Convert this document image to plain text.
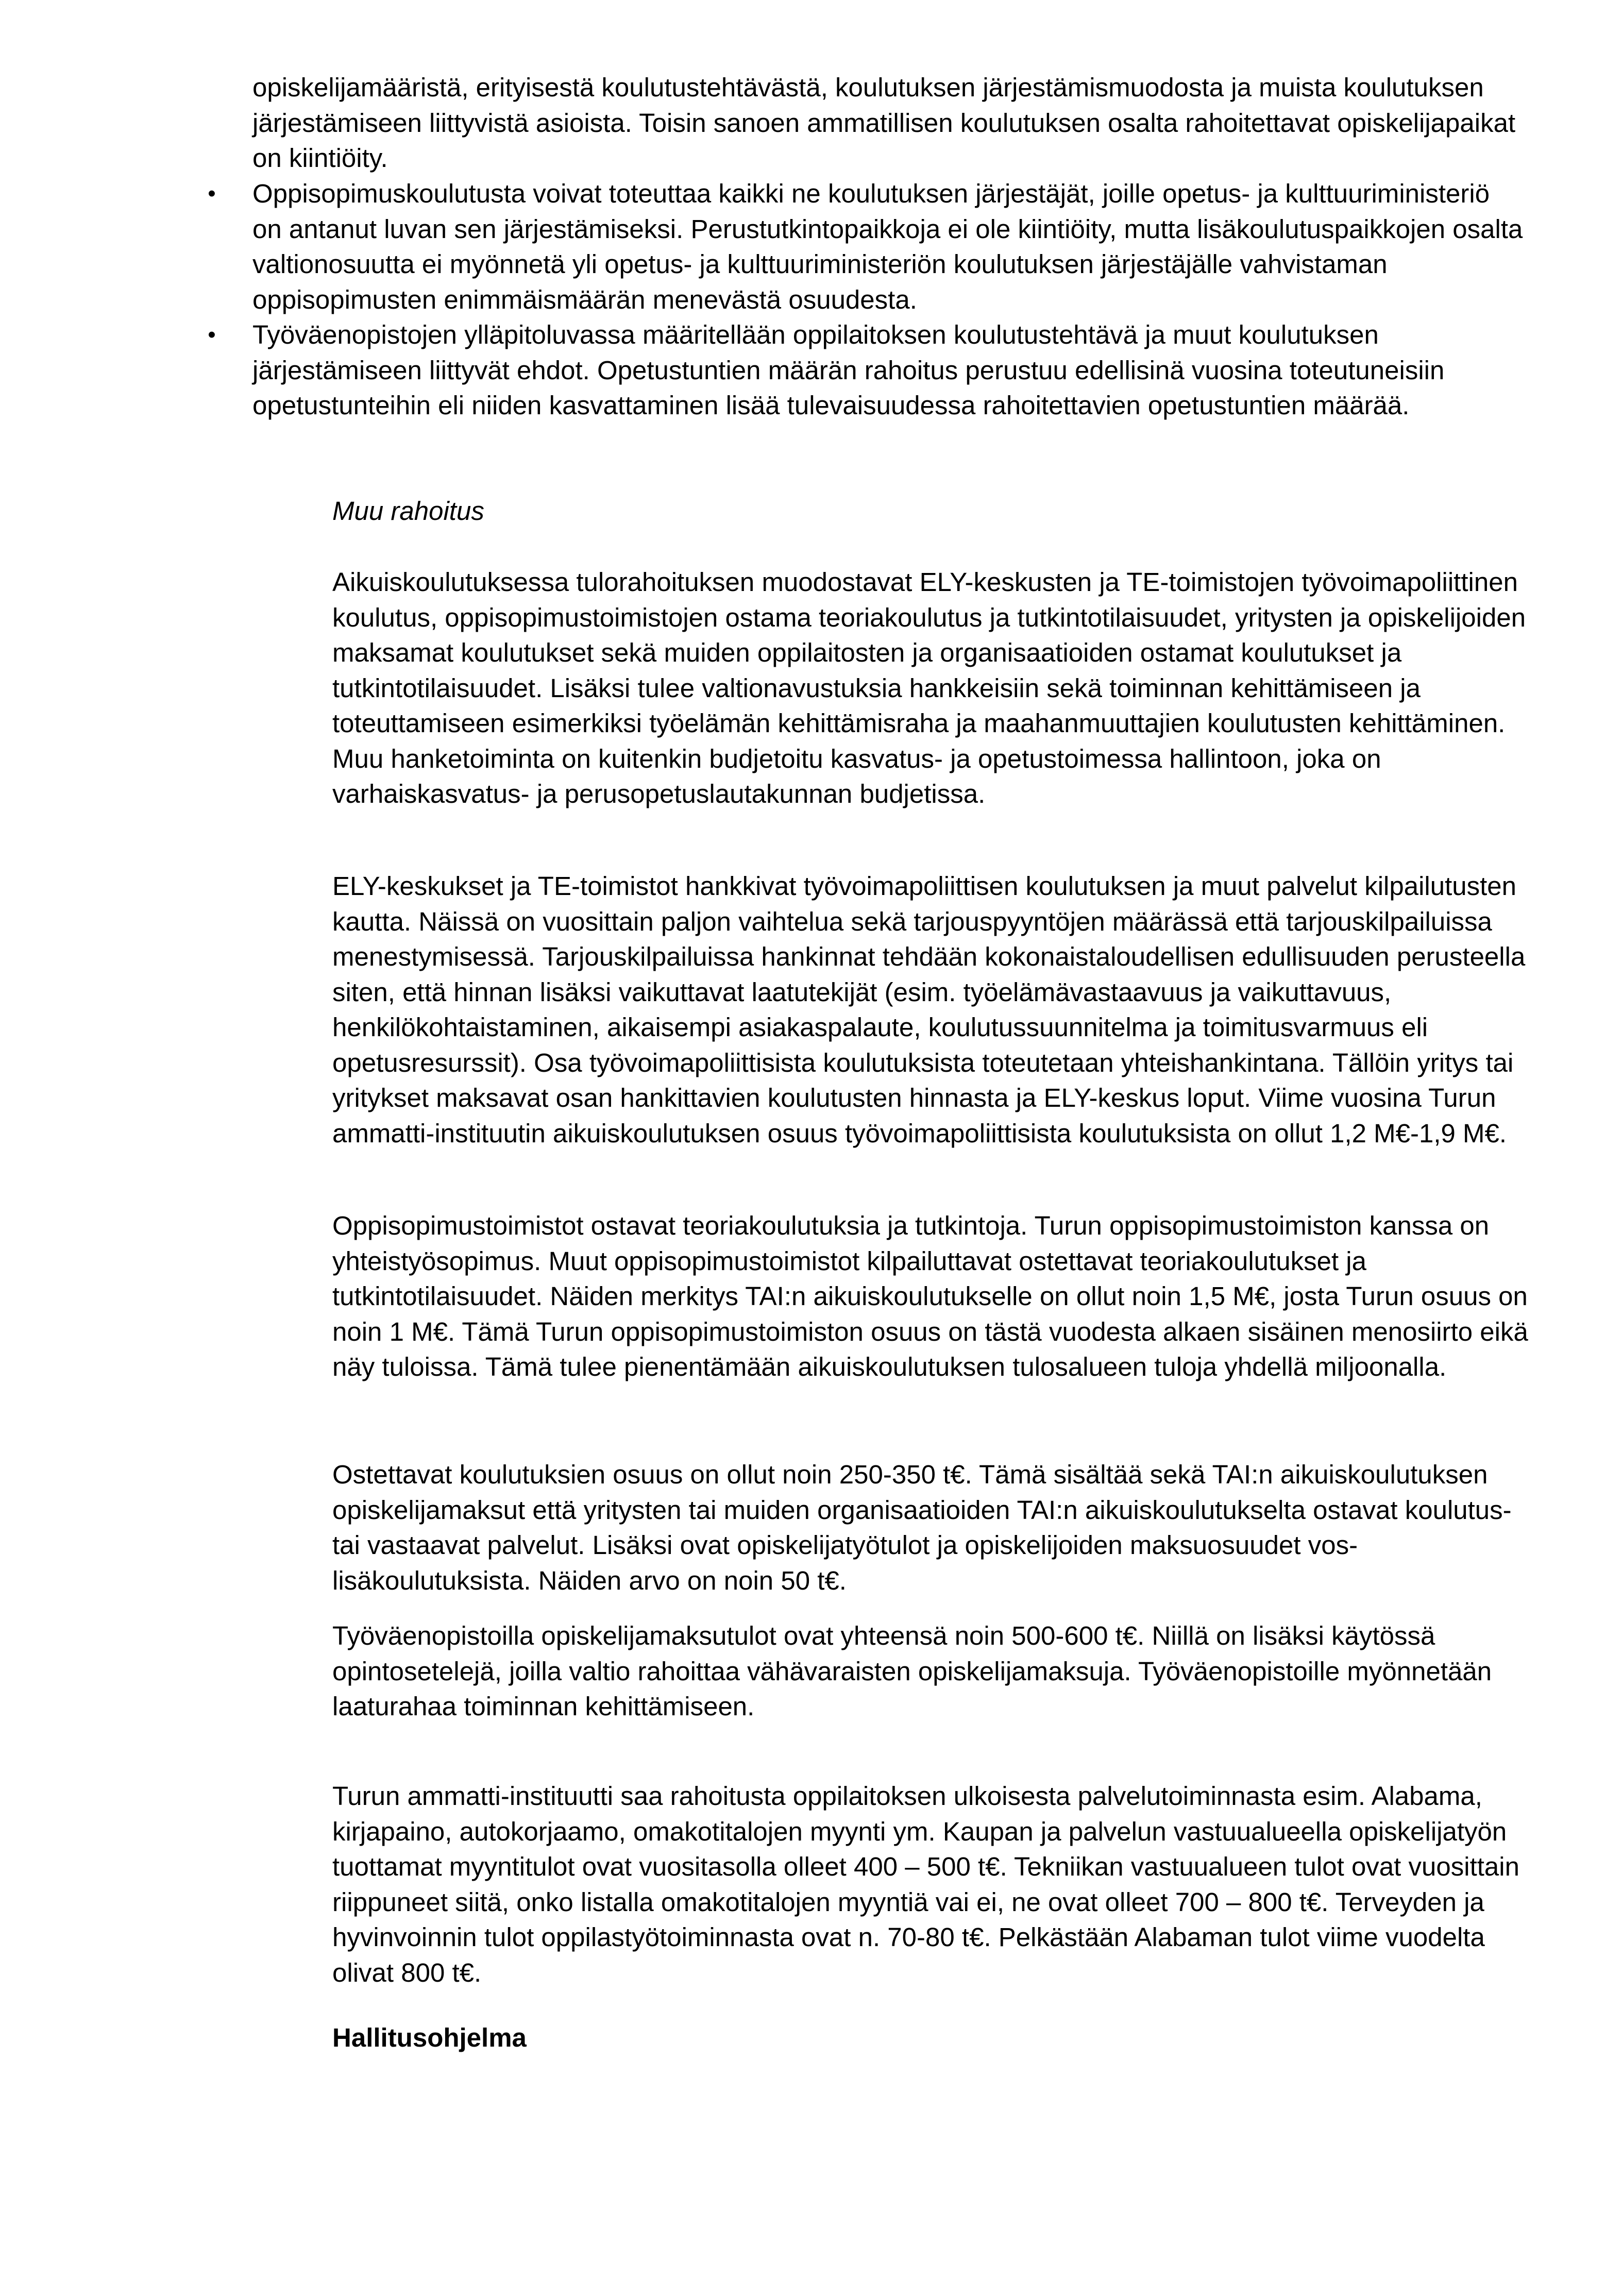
opiskelijamääristä, erityisestä koulutustehtävästä, koulutuksen järjestämismuodosta ja muista koulutuksen järjestämiseen liittyvistä asioista. Toisin sanoen ammatillisen koulutuksen osalta rahoitettavat opiskelijapaikat on kiintiöity.

• Oppisopimuskoulutusta voivat toteuttaa kaikki ne koulutuksen järjestäjät, joille opetus- ja kulttuuriministeriö on antanut luvan sen järjestämiseksi. Perustutkintopaikkoja ei ole kiintiöity, mutta lisäkoulutuspaikkojen osalta valtionosuutta ei myönnetä yli opetus- ja kulttuuriministeriön koulutuksen järjestäjälle vahvistaman oppisopimusten enimmäismäärän menevästä osuudesta.
• Työväenopistojen ylläpitoluvassa määritellään oppilaitoksen koulutustehtävä ja muut koulutuksen järjestämiseen liittyvät ehdot. Opetustuntien määrän rahoitus perustuu edellisinä vuosina toteutuneisiin opetustunteihin eli niiden kasvattaminen lisää tulevaisuudessa rahoitettavien opetustuntien määrää.

Muu rahoitus

Aikuiskoulutuksessa tulorahoituksen muodostavat ELY-keskusten ja TE-toimistojen työvoimapoliittinen koulutus, oppisopimustoimistojen ostama teoriakoulutus ja tutkintotilaisuudet, yritysten ja opiskelijoiden maksamat koulutukset sekä muiden oppilaitosten ja organisaatioiden ostamat koulutukset ja tutkintotilaisuudet. Lisäksi tulee valtionavustuksia hankkeisiin sekä toiminnan kehittämiseen ja toteuttamiseen esimerkiksi työelämän kehittämisraha ja maahanmuuttajien koulutusten kehittäminen. Muu hanketoiminta on kuitenkin budjetoitu kasvatus- ja opetustoimessa hallintoon, joka on varhaiskasvatus- ja perusopetuslautakunnan budjetissa.

ELY-keskukset ja TE-toimistot hankkivat työvoimapoliittisen koulutuksen ja muut palvelut kilpailutusten kautta. Näissä on vuosittain paljon vaihtelua sekä tarjouspyyntöjen määrässä että tarjouskilpailuissa menestymisessä. Tarjouskilpailuissa hankinnat tehdään kokonaistaloudellisen edullisuuden perusteella siten, että hinnan lisäksi vaikuttavat laatutekijät (esim. työelämävastaavuus ja vaikuttavuus, henkilökohtaistaminen, aikaisempi asiakaspalaute, koulutussuunnitelma ja toimitusvarmuus eli opetusresurssit). Osa työvoimapoliittisista koulutuksista toteutetaan yhteishankintana. Tällöin yritys tai yritykset maksavat osan hankittavien koulutusten hinnasta ja ELY-keskus loput. Viime vuosina Turun ammatti-instituutin aikuiskoulutuksen osuus työvoimapoliittisista koulutuksista on ollut 1,2 M€-1,9 M€.

Oppisopimustoimistot ostavat teoriakoulutuksia ja tutkintoja. Turun oppisopimustoimiston kanssa on yhteistyösopimus. Muut oppisopimustoimistot kilpailuttavat ostettavat teoriakoulutukset ja tutkintotilaisuudet. Näiden merkitys TAI:n aikuiskoulutukselle on ollut noin 1,5 M€, josta Turun osuus on noin 1 M€. Tämä Turun oppisopimustoimiston osuus on tästä vuodesta alkaen sisäinen menosiirto eikä näy tuloissa. Tämä tulee pienentämään aikuiskoulutuksen tulosalueen tuloja yhdellä miljoonalla.

Ostettavat koulutuksien osuus on ollut noin 250-350 t€. Tämä sisältää sekä TAI:n aikuiskoulutuksen opiskelijamaksut että yritysten tai muiden organisaatioiden TAI:n aikuiskoulutukselta ostavat koulutus- tai vastaavat palvelut. Lisäksi ovat opiskelijatyötulot ja opiskelijoiden maksuosuudet vos-lisäkoulutuksista. Näiden arvo on noin 50 t€.

Työväenopistoilla opiskelijamaksutulot ovat yhteensä noin 500-600 t€. Niillä on lisäksi käytössä opintosetelejä, joilla valtio rahoittaa vähävaraisten opiskelijamaksuja. Työväenopistoille myönnetään laaturahaa toiminnan kehittämiseen.

Turun ammatti-instituutti saa rahoitusta oppilaitoksen ulkoisesta palvelutoiminnasta esim. Alabama, kirjapaino, autokorjaamo, omakotitalojen myynti ym. Kaupan ja palvelun vastuualueella opiskelijatyön tuottamat myyntitulot ovat vuositasolla olleet 400 – 500 t€. Tekniikan vastuualueen tulot ovat vuosittain riippuneet siitä, onko listalla omakotitalojen myyntiä vai ei, ne ovat olleet 700 – 800 t€. Terveyden ja hyvinvoinnin tulot oppilastyötoiminnasta ovat n. 70-80 t€. Pelkästään Alabaman tulot viime vuodelta olivat 800 t€.

Hallitusohjelma
